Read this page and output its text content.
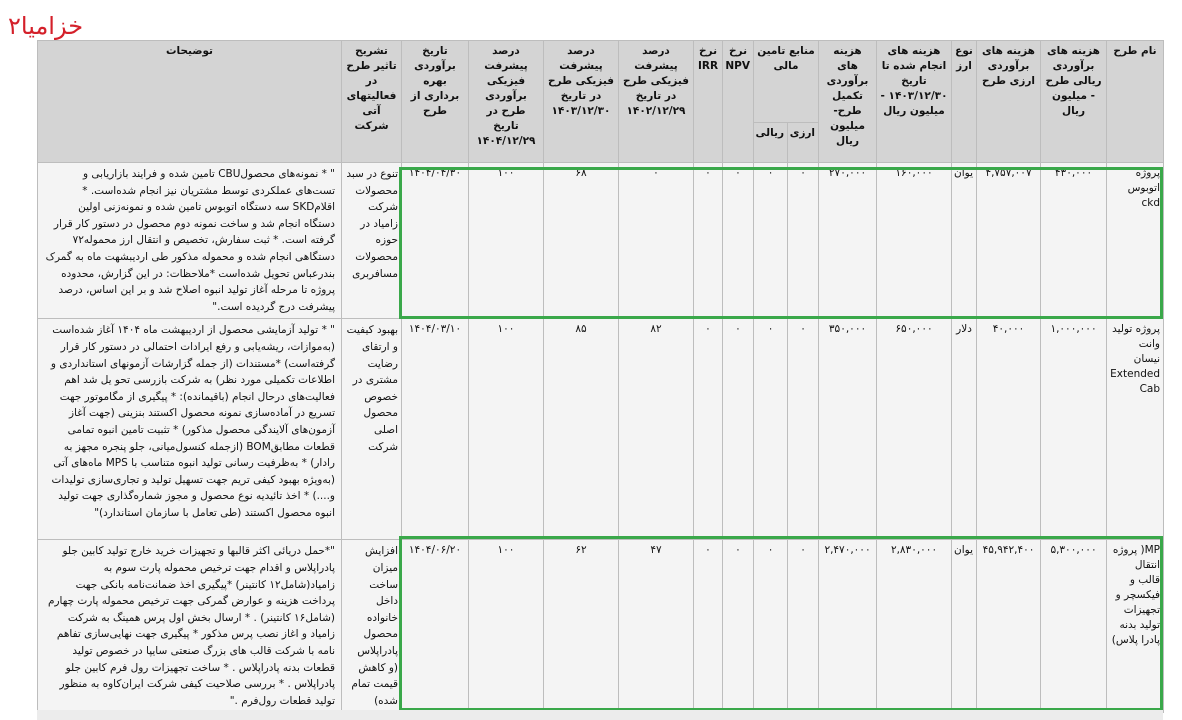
خزامیا۲
نام طرح	هزینه های برآوردی ریالی طرح - میلیون ریال	هزینه های برآوردی ارزی طرح	نوع ارز	هزینه های انجام شده تا تاریخ ۱۴۰۳/۱۲/۳۰ - میلیون ریال	هزینه های برآوردی تکمیل طرح- میلیون ریال	منابع تامین مالی		نرخ NPV	نرخ IRR	درصد پیشرفت فیزیکی طرح در تاریخ ۱۴۰۲/۱۲/۲۹	درصد پیشرفت فیزیکی طرح در تاریخ ۱۴۰۳/۱۲/۳۰	درصد پیشرفت فیزیکی برآوردی طرح در تاریخ ۱۴۰۴/۱۲/۲۹	تاریخ برآوردی بهره برداری از طرح	تشریح تاثیر طرح در فعالیتهای آتی شرکت	توضیحات
						ارزی	ریالی								
پروژه اتوبوس ckd	۴۳۰,۰۰۰	۴,۷۵۷,۰۰۷	یوان	۱۶۰,۰۰۰	۲۷۰,۰۰۰	۰	۰	۰	۰	۰	۶۸	۱۰۰	۱۴۰۴/۰۴/۳۰	تنوع در سبد محصولات شرکت زامیاد در حوزه محصولات مسافربری	" * نمونه‌های محصولCBU تامین شده و فرایند بازاریابی و تست‌های عملکردی توسط مشتریان نیز انجام شده‌است. * اقلامSKD سه دستگاه اتوبوس تامین شده و نمونه‌زنی اولین دستگاه انجام شد و ساخت نمونه دوم محصول در دستور کار قرار گرفته است. * ثبت سفارش، تخصیص و انتقال ارز محموله۷۲ دستگاهی انجام شده و محموله مذکور طی اردیبشهت ماه به گمرک بندرعباس تحویل شده‌است *ملاحظات: در این گزارش، محدوده پروژه تا مرحله آغاز تولید انبوه اصلاح شد و بر این اساس، درصد پیشرفت درج گردیده است."
پروژه تولید وانت نیسان Extended Cab	۱,۰۰۰,۰۰۰	۴۰,۰۰۰	دلار	۶۵۰,۰۰۰	۳۵۰,۰۰۰	۰	۰	۰	۰	۸۲	۸۵	۱۰۰	۱۴۰۴/۰۳/۱۰	بهبود کیفیت و ارتقای رضایت مشتری در خصوص محصول اصلی شرکت	" * تولید آزمایشی محصول از اردیبهشت ماه ۱۴۰۴ آغاز شده‌است (به‌موازات، ریشه‌یابی و رفع ایرادات احتمالی در دستور کار قرار گرفته‌است) *مستندات (از جمله گزارشات آزمونهای استانداردی و اطلاعات تکمیلی مورد نظر) به شرکت بازرسی تحو یل شد اهم فعالیت‌های درحال انجام (باقیمانده): * پیگیری از مگاموتور جهت تسریع در آماده‌سازی نمونه محصول اکستند بنزینی (جهت آغاز آزمون‌های آلایندگی محصول مذکور) * تثبیت تامین انبوه تمامی قطعات مطابقBOM (ازجمله کنسول‌میانی، جلو پنجره مجهز به رادار) * به‌ظرفیت رسانی تولید انبوه متناسب با MPS ماه‌های آتی (به‌ویژه بهبود کیفی تریم جهت تسهیل تولید و تجاری‌سازی تولیدات و....) * اخذ تائیدیه نوع محصول و مجوز شماره‌گذاری جهت تولید انبوه محصول اکستند (طی تعامل با سازمان استاندارد)"
MP( پروژه انتقال قالب و فیکسچر و تجهیزات تولید بدنه پادرا پلاس)	۵,۳۰۰,۰۰۰	۴۵,۹۴۲,۴۰۰	یوان	۲,۸۳۰,۰۰۰	۲,۴۷۰,۰۰۰	۰	۰	۰	۰	۴۷	۶۲	۱۰۰	۱۴۰۴/۰۶/۲۰	افزایش میزان ساخت داخل خانواده محصول پادراپلاس (و کاهش قیمت تمام شده)	"*حمل دریائی اکثر قالبها و تجهیزات خرید خارج تولید کابین جلو پادراپلاس و اقدام جهت ترخیص محموله پارت سوم به زامیاد(شامل۱۲ کانتینر) *پیگیری اخذ ضمانت‌نامه بانکی جهت پرداخت هزینه و عوارض گمرکی جهت ترخیص محموله پارت چهارم (شامل۱۶ کانتینر) . * ارسال بخش اول پرس همینگ به شرکت زامیاد و اغاز نصب پرس مذکور * پیگیری جهت نهایی‌سازی تفاهم نامه با شرکت قالب های بزرگ صنعتی سایپا در خصوص تولید قطعات بدنه پادراپلاس . * ساخت تجهیزات رول فرم کابین جلو پادراپلاس . * بررسی صلاحیت کیفی شرکت ایران‌کاوه به منظور تولید قطعات رول‌فرم ."
